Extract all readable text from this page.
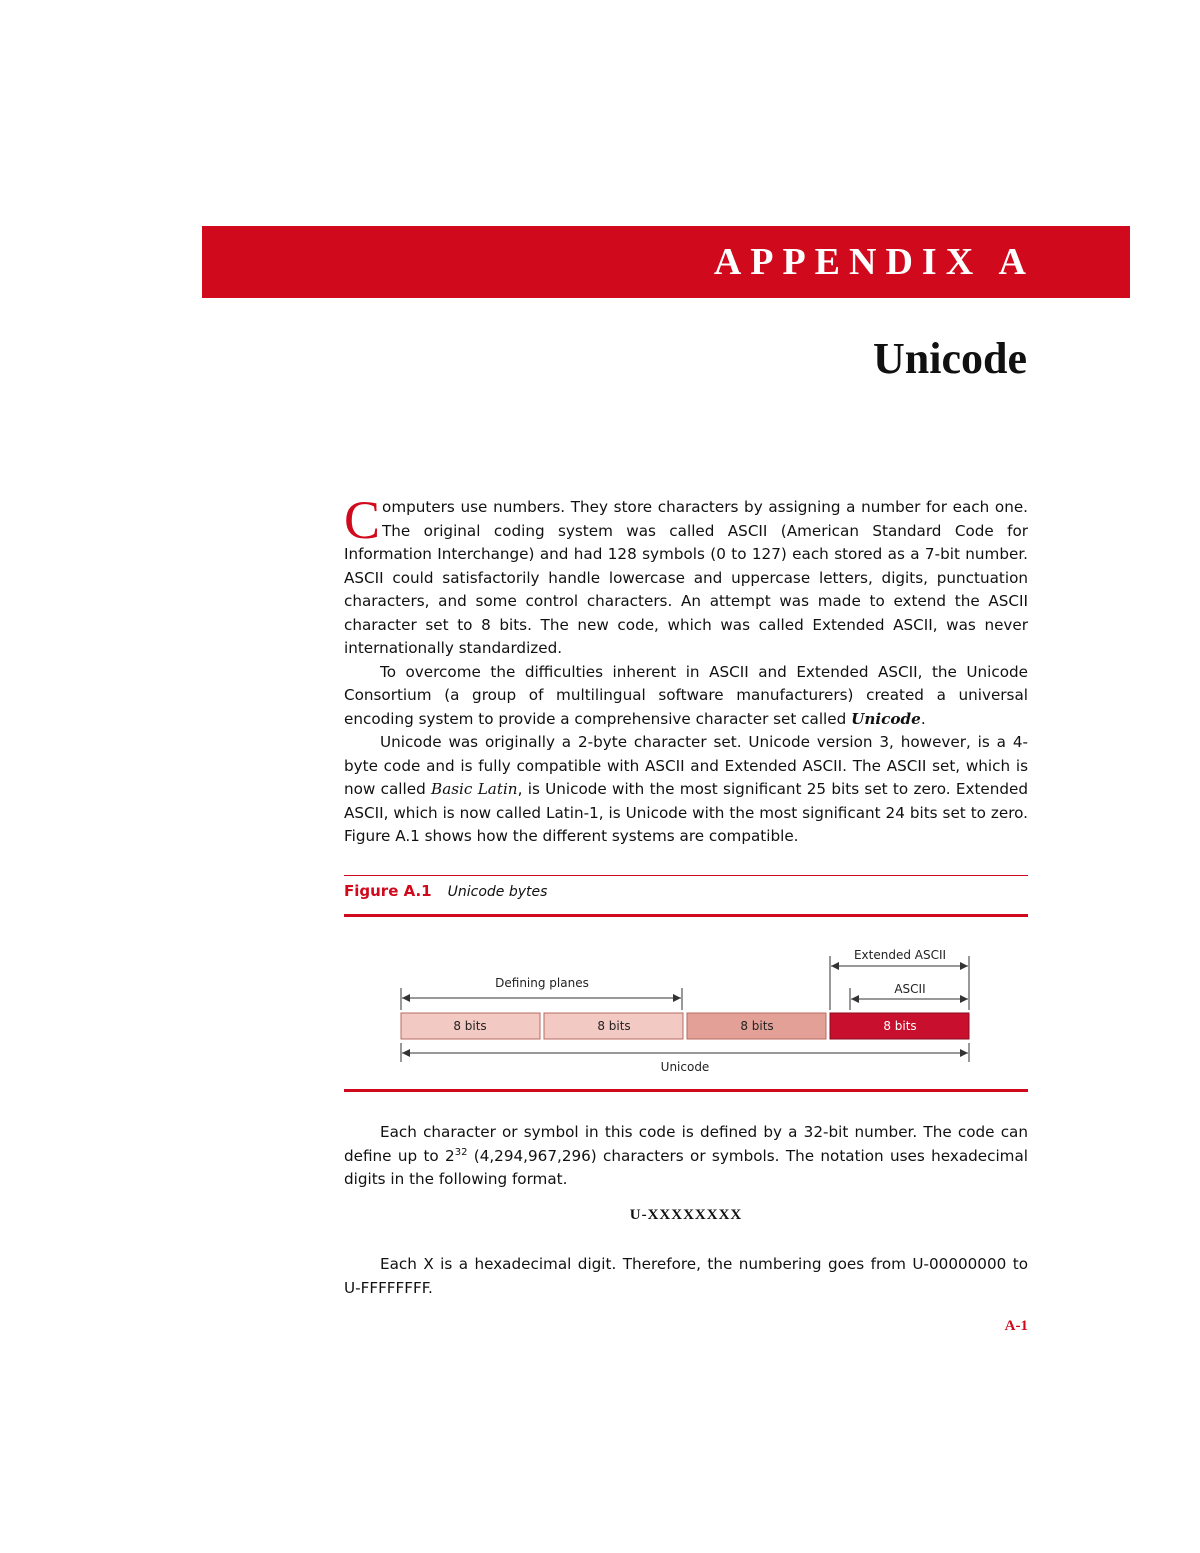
APPENDIX A
Unicode

Computers use numbers. They store characters by assigning a number for each one. The original coding system was called ASCII (American Standard Code for Information Interchange) and had 128 symbols (0 to 127) each stored as a 7-bit number. ASCII could satisfactorily handle lowercase and uppercase letters, digits, punctuation characters, and some control characters. An attempt was made to extend the ASCII character set to 8 bits. The new code, which was called Extended ASCII, was never internationally standardized.

To overcome the difficulties inherent in ASCII and Extended ASCII, the Unicode Consortium (a group of multilingual software manufacturers) created a universal encoding system to provide a comprehensive character set called Unicode.

Unicode was originally a 2-byte character set. Unicode version 3, however, is a 4-byte code and is fully compatible with ASCII and Extended ASCII. The ASCII set, which is now called Basic Latin, is Unicode with the most significant 25 bits set to zero. Extended ASCII, which is now called Latin-1, is Unicode with the most significant 24 bits set to zero. Figure A.1 shows how the different systems are compatible.

Figure A.1 Unicode bytes
Extended ASCII
ASCII
Defining planes
8 bits	8 bits	8 bits	8 bits
Unicode

Each character or symbol in this code is defined by a 32-bit number. The code can define up to $2^{32}$ (4,294,967,296) characters or symbols. The notation uses hexadecimal digits in the following format.

U-XXXXXXXX

Each X is a hexadecimal digit. Therefore, the numbering goes from U-00000000 to U-FFFFFFFF.

A-1
